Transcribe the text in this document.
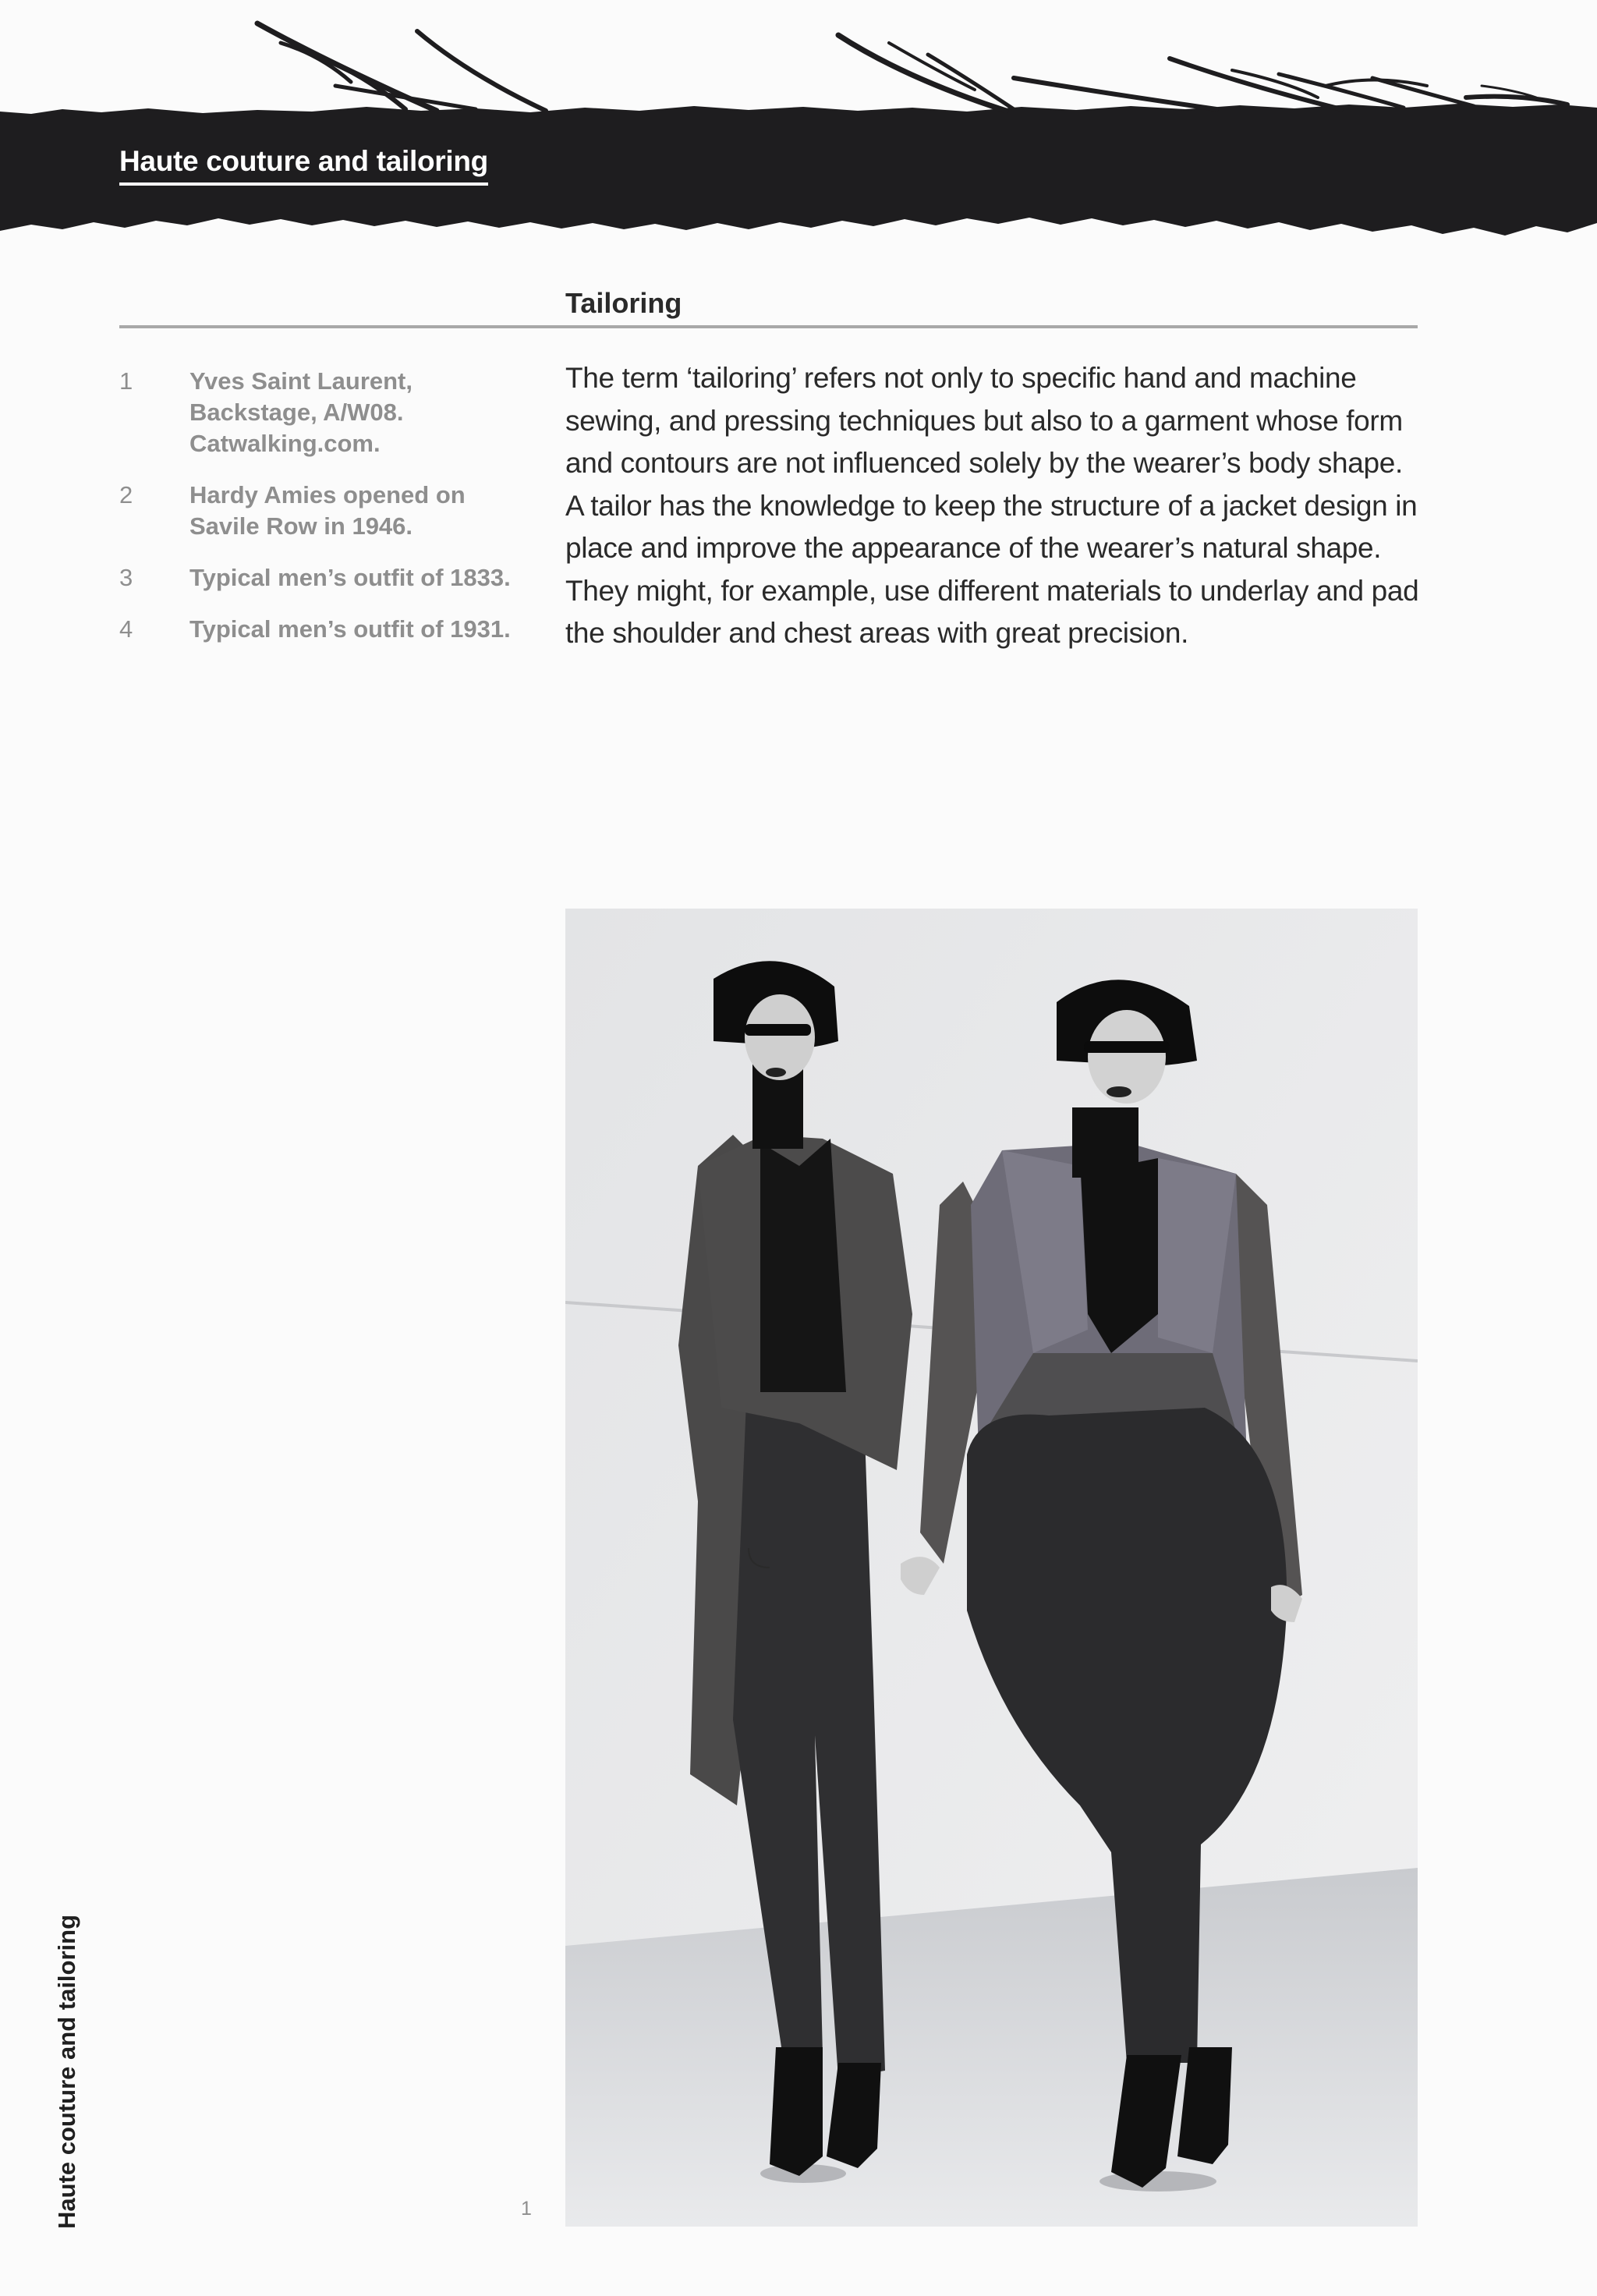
Haute couture and tailoring
Tailoring
1	Yves Saint Laurent, Backstage, A/W08. Catwalking.com.
2	Hardy Amies opened on Savile Row in 1946.
3	Typical men’s outfit of 1833.
4	Typical men’s outfit of 1931.

The term ‘tailoring’ refers not only to specific hand and machine sewing, and pressing techniques but also to a garment whose form and contours are not influenced solely by the wearer’s body shape. A tailor has the knowledge to keep the structure of a jacket design in place and improve the appearance of the wearer’s natural shape. They might, for example, use different materials to underlay and pad the shoulder and chest areas with great precision.

Haute couture and tailoring	1
